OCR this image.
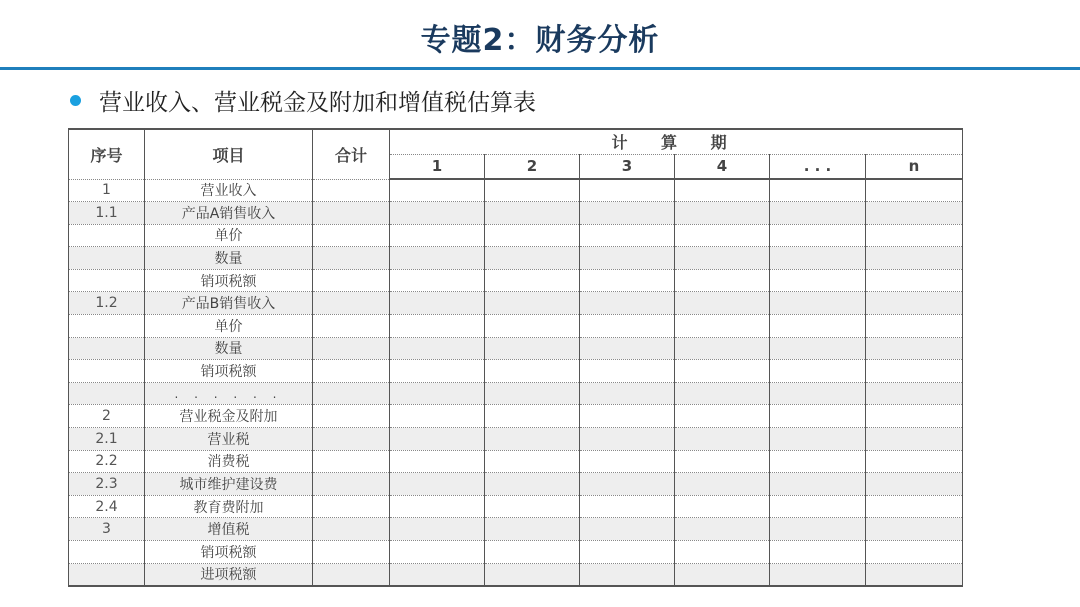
专题2：财务分析
营业收入、营业税金及附加和增值税估算表
序号	项目	合计	计 算 期					
			1	2	3	4	. . .	n
1	营业收入							
1.1	产品A销售收入							
	单价							
	数量							
	销项税额							
1.2	产品B销售收入							
	单价							
	数量							
	销项税额							
	. . . . . .							
2	营业税金及附加							
2.1	营业税							
2.2	消费税							
2.3	城市维护建设费							
2.4	教育费附加							
3	增值税							
	销项税额							
	进项税额							
